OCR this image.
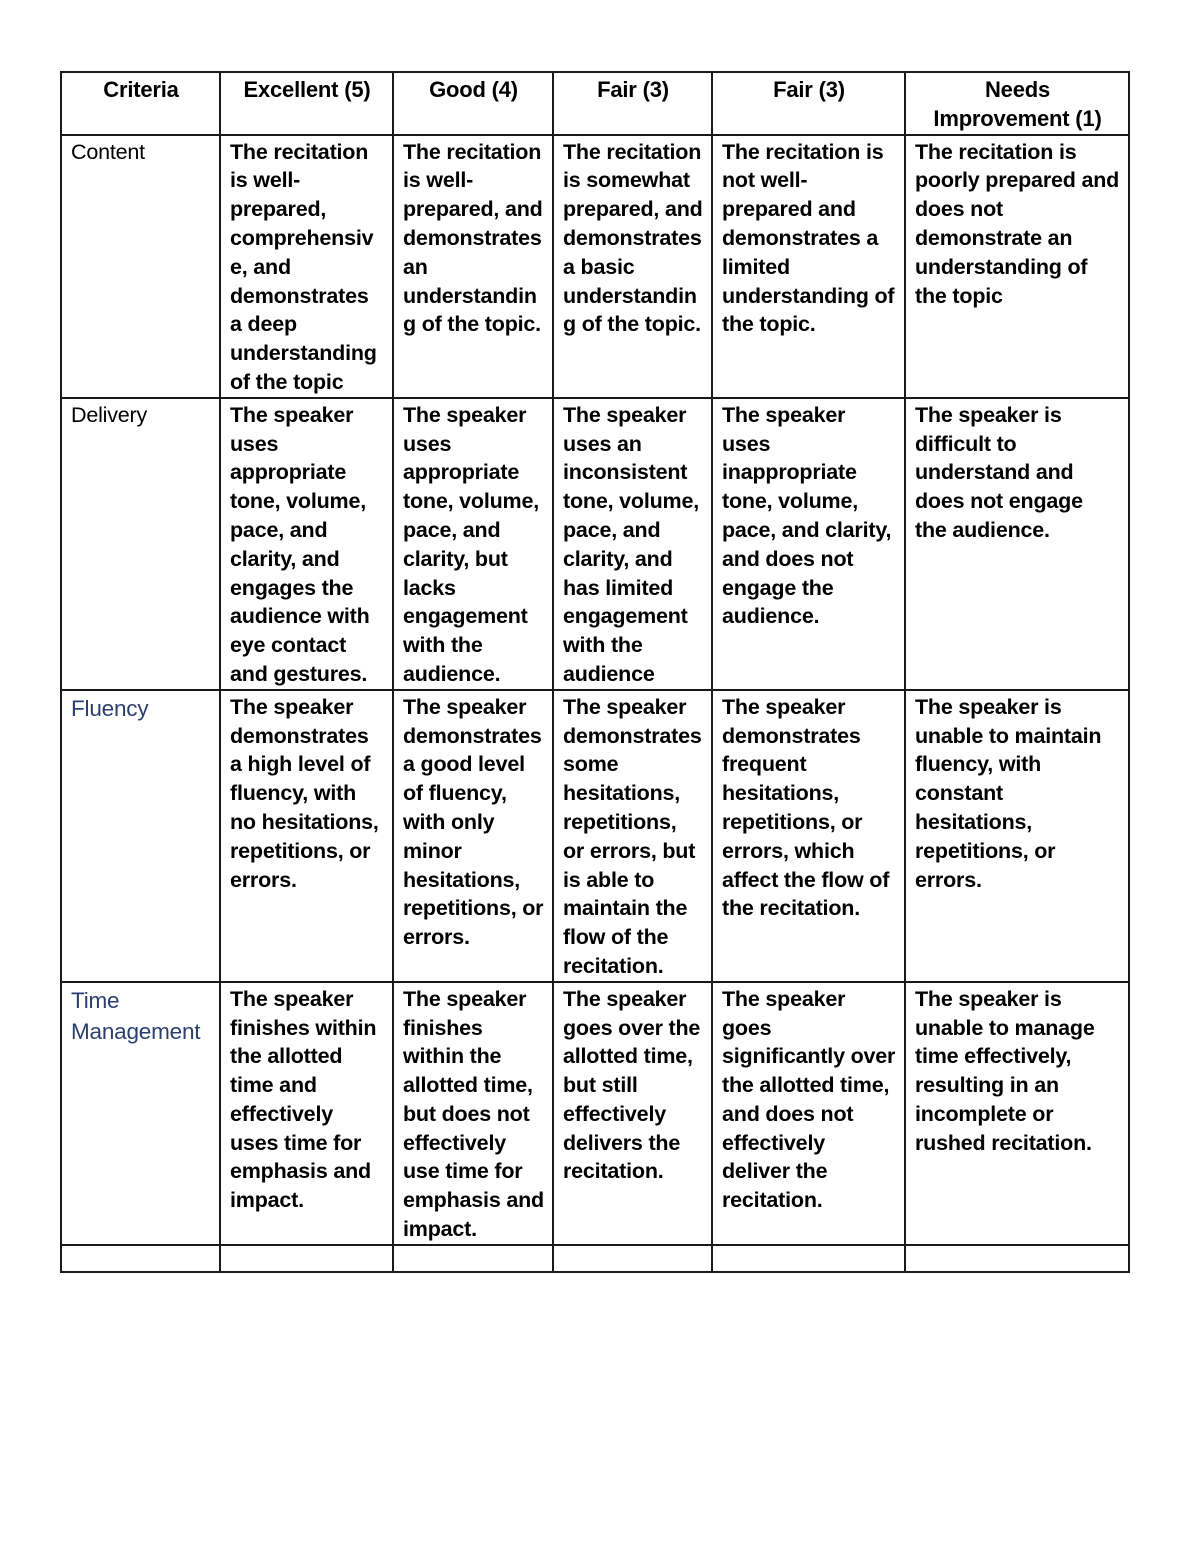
Criteria	Excellent (5)	Good (4)	Fair (3)	Fair (3)	Needs Improvement (1)
Content	The recitation is well-prepared, comprehensive, and demonstrates a deep understanding of the topic	The recitation is well-prepared, and demonstrates an understanding of the topic.	The recitation is somewhat prepared, and demonstrates a basic understanding of the topic.	The recitation is not well-prepared and demonstrates a limited understanding of the topic.	The recitation is poorly prepared and does not demonstrate an understanding of the topic
Delivery	The speaker uses appropriate tone, volume, pace, and clarity, and engages the audience with eye contact and gestures.	The speaker uses appropriate tone, volume, pace, and clarity, but lacks engagement with the audience.	The speaker uses an inconsistent tone, volume, pace, and clarity, and has limited engagement with the audience	The speaker uses inappropriate tone, volume, pace, and clarity, and does not engage the audience.	The speaker is difficult to understand and does not engage the audience.
Fluency	The speaker demonstrates a high level of fluency, with no hesitations, repetitions, or errors.	The speaker demonstrates a good level of fluency, with only minor hesitations, repetitions, or errors.	The speaker demonstrates some hesitations, repetitions, or errors, but is able to maintain the flow of the recitation.	The speaker demonstrates frequent hesitations, repetitions, or errors, which affect the flow of the recitation.	The speaker is unable to maintain fluency, with constant hesitations, repetitions, or errors.
Time Management	The speaker finishes within the allotted time and effectively uses time for emphasis and impact.	The speaker finishes within the allotted time, but does not effectively use time for emphasis and impact.	The speaker goes over the allotted time, but still effectively delivers the recitation.	The speaker goes significantly over the allotted time, and does not effectively deliver the recitation.	The speaker is unable to manage time effectively, resulting in an incomplete or rushed recitation.
